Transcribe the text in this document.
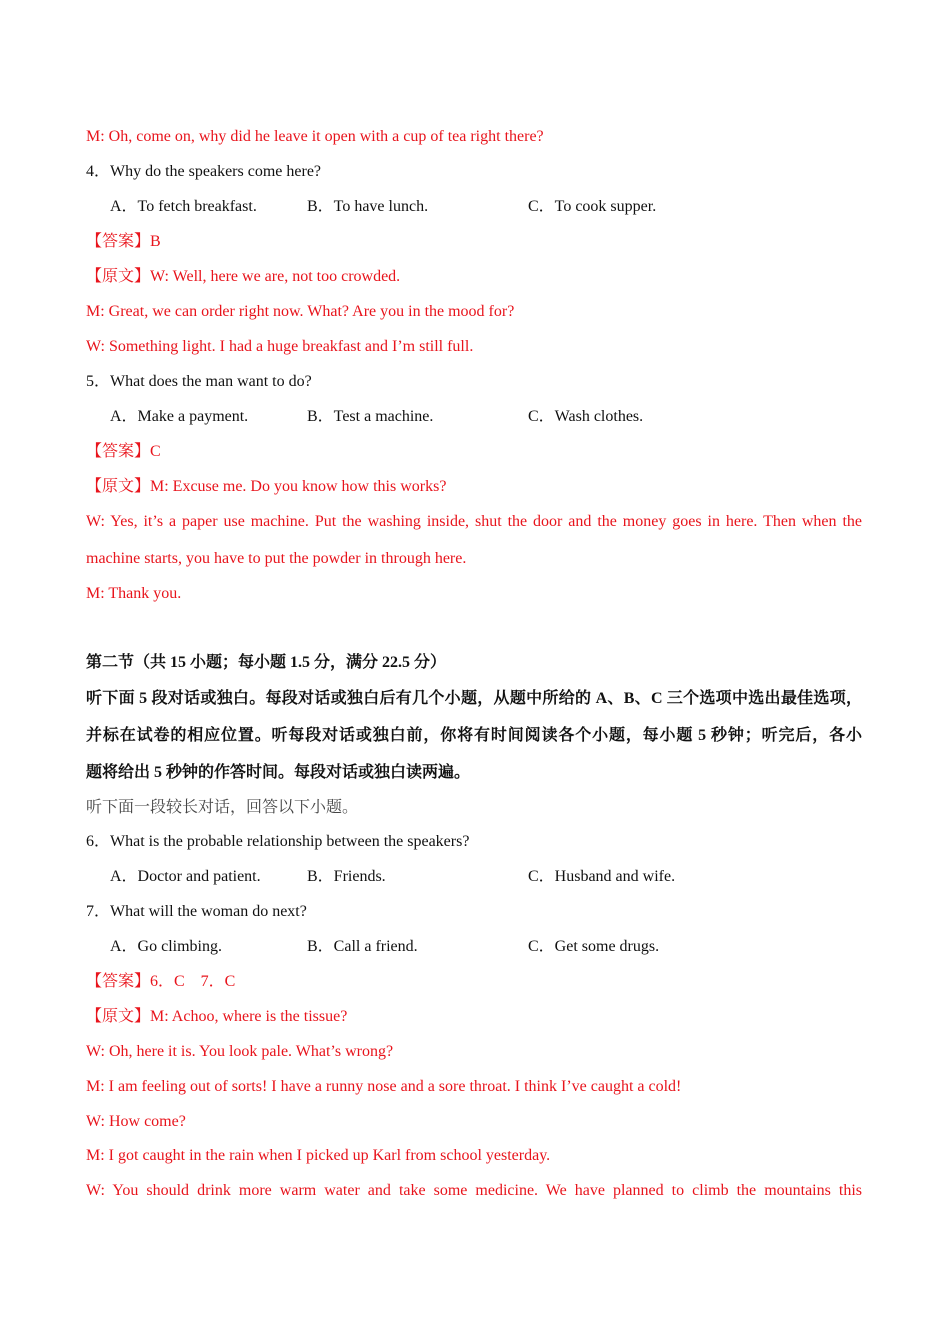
M: Oh, come on, why did he leave it open with a cup of tea right there?
4．Why do the speakers come here?
A．To fetch breakfast.	B．To have lunch.	C．To cook supper.
【答案】B
【原文】W: Well, here we are, not too crowded.
M: Great, we can order right now. What? Are you in the mood for?
W: Something light. I had a huge breakfast and I’m still full.
5．What does the man want to do?
A．Make a payment.	B．Test a machine.	C．Wash clothes.
【答案】C
【原文】M: Excuse me. Do you know how this works?
W: Yes, it’s a paper use machine. Put the washing inside, shut the door and the money goes in here. Then when the
machine starts, you have to put the powder in through here.
M: Thank you.
第二节（共 15 小题；每小题 1.5 分，满分 22.5 分）
听下面 5 段对话或独白。每段对话或独白后有几个小题，从题中所给的 A、B、C 三个选项中选出最佳选项，
并标在试卷的相应位置。听每段对话或独白前，你将有时间阅读各个小题，每小题 5 秒钟；听完后，各小
题将给出 5 秒钟的作答时间。每段对话或独白读两遍。
听下面一段较长对话，回答以下小题。
6．What is the probable relationship between the speakers?
A．Doctor and patient.	B．Friends.	C．Husband and wife.
7．What will the woman do next?
A．Go climbing.	B．Call a friend.	C．Get some drugs.
【答案】6．C　7．C
【原文】M: Achoo, where is the tissue?
W: Oh, here it is. You look pale. What’s wrong?
M: I am feeling out of sorts! I have a runny nose and a sore throat. I think I’ve caught a cold!
W: How come?
M: I got caught in the rain when I picked up Karl from school yesterday.
W: You should drink more warm water and take some medicine. We have planned to climb the mountains this
